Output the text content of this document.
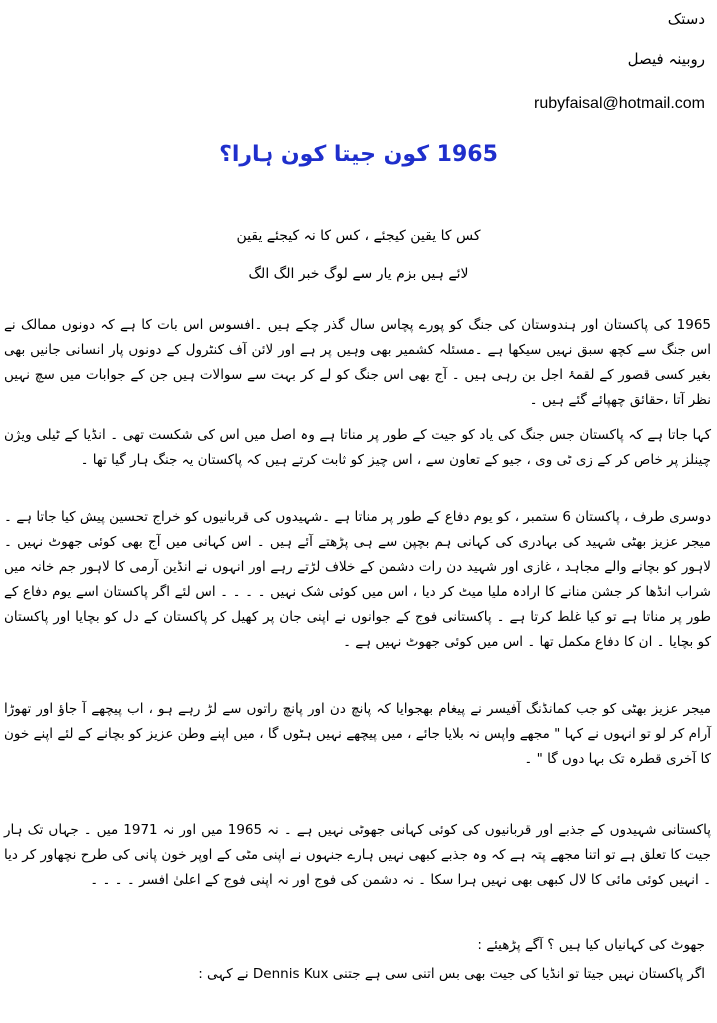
دستک
روبینہ فیصل
rubyfaisal@hotmail.com
1965 کون جیتا کون ہارا؟
کس کا یقین کیجئے ، کس کا نہ کیجئے یقین
لائے ہیں بزم یار سے لوگ خبر الگ الگ

1965 کی پاکستان اور ہندوستان کی جنگ کو پورے پچاس سال گذر چکے ہیں ۔افسوس اس بات کا ہے کہ دونوں ممالک نے اس جنگ سے کچھ سبق نہیں سیکھا ہے ۔مسئلہ کشمیر بھی وہیں پر ہے اور لائن آف کنٹرول کے دونوں پار انسانی جانیں بھی بغیر کسی قصور کے لقمۂ اجل بن رہی ہیں ۔ آج بھی اس جنگ کو لے کر بہت سے سوالات ہیں جن کے جوابات میں سچ نہیں نظر آتا ،حقائق چھپائے گئے ہیں ۔

کہا جاتا ہے کہ پاکستان جس جنگ کی یاد کو جیت کے طور پر مناتا ہے وہ اصل میں اس کی شکست تھی ۔ انڈیا کے ٹیلی ویژن چینلز پر خاص کر کے زی ٹی وی ، جیو کے تعاون سے ، اس چیز کو ثابت کرتے ہیں کہ پاکستان یہ جنگ ہار گیا تھا ۔

دوسری طرف ، پاکستان 6 ستمبر ، کو یوم دفاع کے طور پر مناتا ہے ۔شہیدوں کی قربانیوں کو خراج تحسین پیش کیا جاتا ہے ۔میجر عزیز بھٹی شہید کی بہادری کی کہانی ہم بچپن سے ہی پڑھتے آئے ہیں ۔ اس کہانی میں آج بھی کوئی جھوٹ نہیں ۔ لاہور کو بچانے والے مجاہد ، غازی اور شہید دن رات دشمن کے خلاف لڑتے رہے اور انہوں نے انڈین آرمی کا لاہور جم خانہ میں شراب انڈھا کر جشن منانے کا ارادہ ملیا میٹ کر دیا ، اس میں کوئی شک نہیں ۔ ۔ ۔ ۔ اس لئے اگر پاکستان اسے یوم دفاع کے طور پر مناتا ہے تو کیا غلط کرتا ہے ۔ پاکستانی فوج کے جوانوں نے اپنی جان پر کھیل کر پاکستان کے دل کو بچایا اور پاکستان کو بچایا ۔ ان کا دفاع مکمل تھا ۔ اس میں کوئی جھوٹ نہیں ہے ۔

میجر عزیز بھٹی کو جب کمانڈنگ آفیسر نے پیغام بھجوایا کہ پانچ دن اور پانچ راتوں سے لڑ رہے ہو ، اب پیچھے آ جاؤ اور تھوڑا آرام کر لو تو انہوں نے کہا " مجھے واپس نہ بلایا جائے ، میں پیچھے نہیں ہٹوں گا ، میں اپنے وطن عزیز کو بچانے کے لئے اپنے خون کا آخری قطرہ تک بہا دوں گا " ۔

پاکستانی شہیدوں کے جذبے اور قربانیوں کی کوئی کہانی جھوٹی نہیں ہے ۔ نہ 1965 میں اور نہ 1971 میں ۔ جہاں تک ہار جیت کا تعلق ہے تو اتنا مجھے پتہ ہے کہ وہ جذبے کبھی نہیں ہارے جنہوں نے اپنی مٹی کے اوپر خون پانی کی طرح نچھاور کر دیا ۔ انہیں کوئی مائی کا لال کبھی بھی نہیں ہرا سکا ۔ نہ دشمن کی فوج اور نہ اپنی فوج کے اعلیٰ افسر ۔ ۔ ۔ ۔

جھوٹ کی کہانیاں کیا ہیں ؟ آگے پڑھیئے :
اگر پاکستان نہیں جیتا تو انڈیا کی جیت بھی بس اتنی سی ہے جتنی Dennis Kux نے کہی :
